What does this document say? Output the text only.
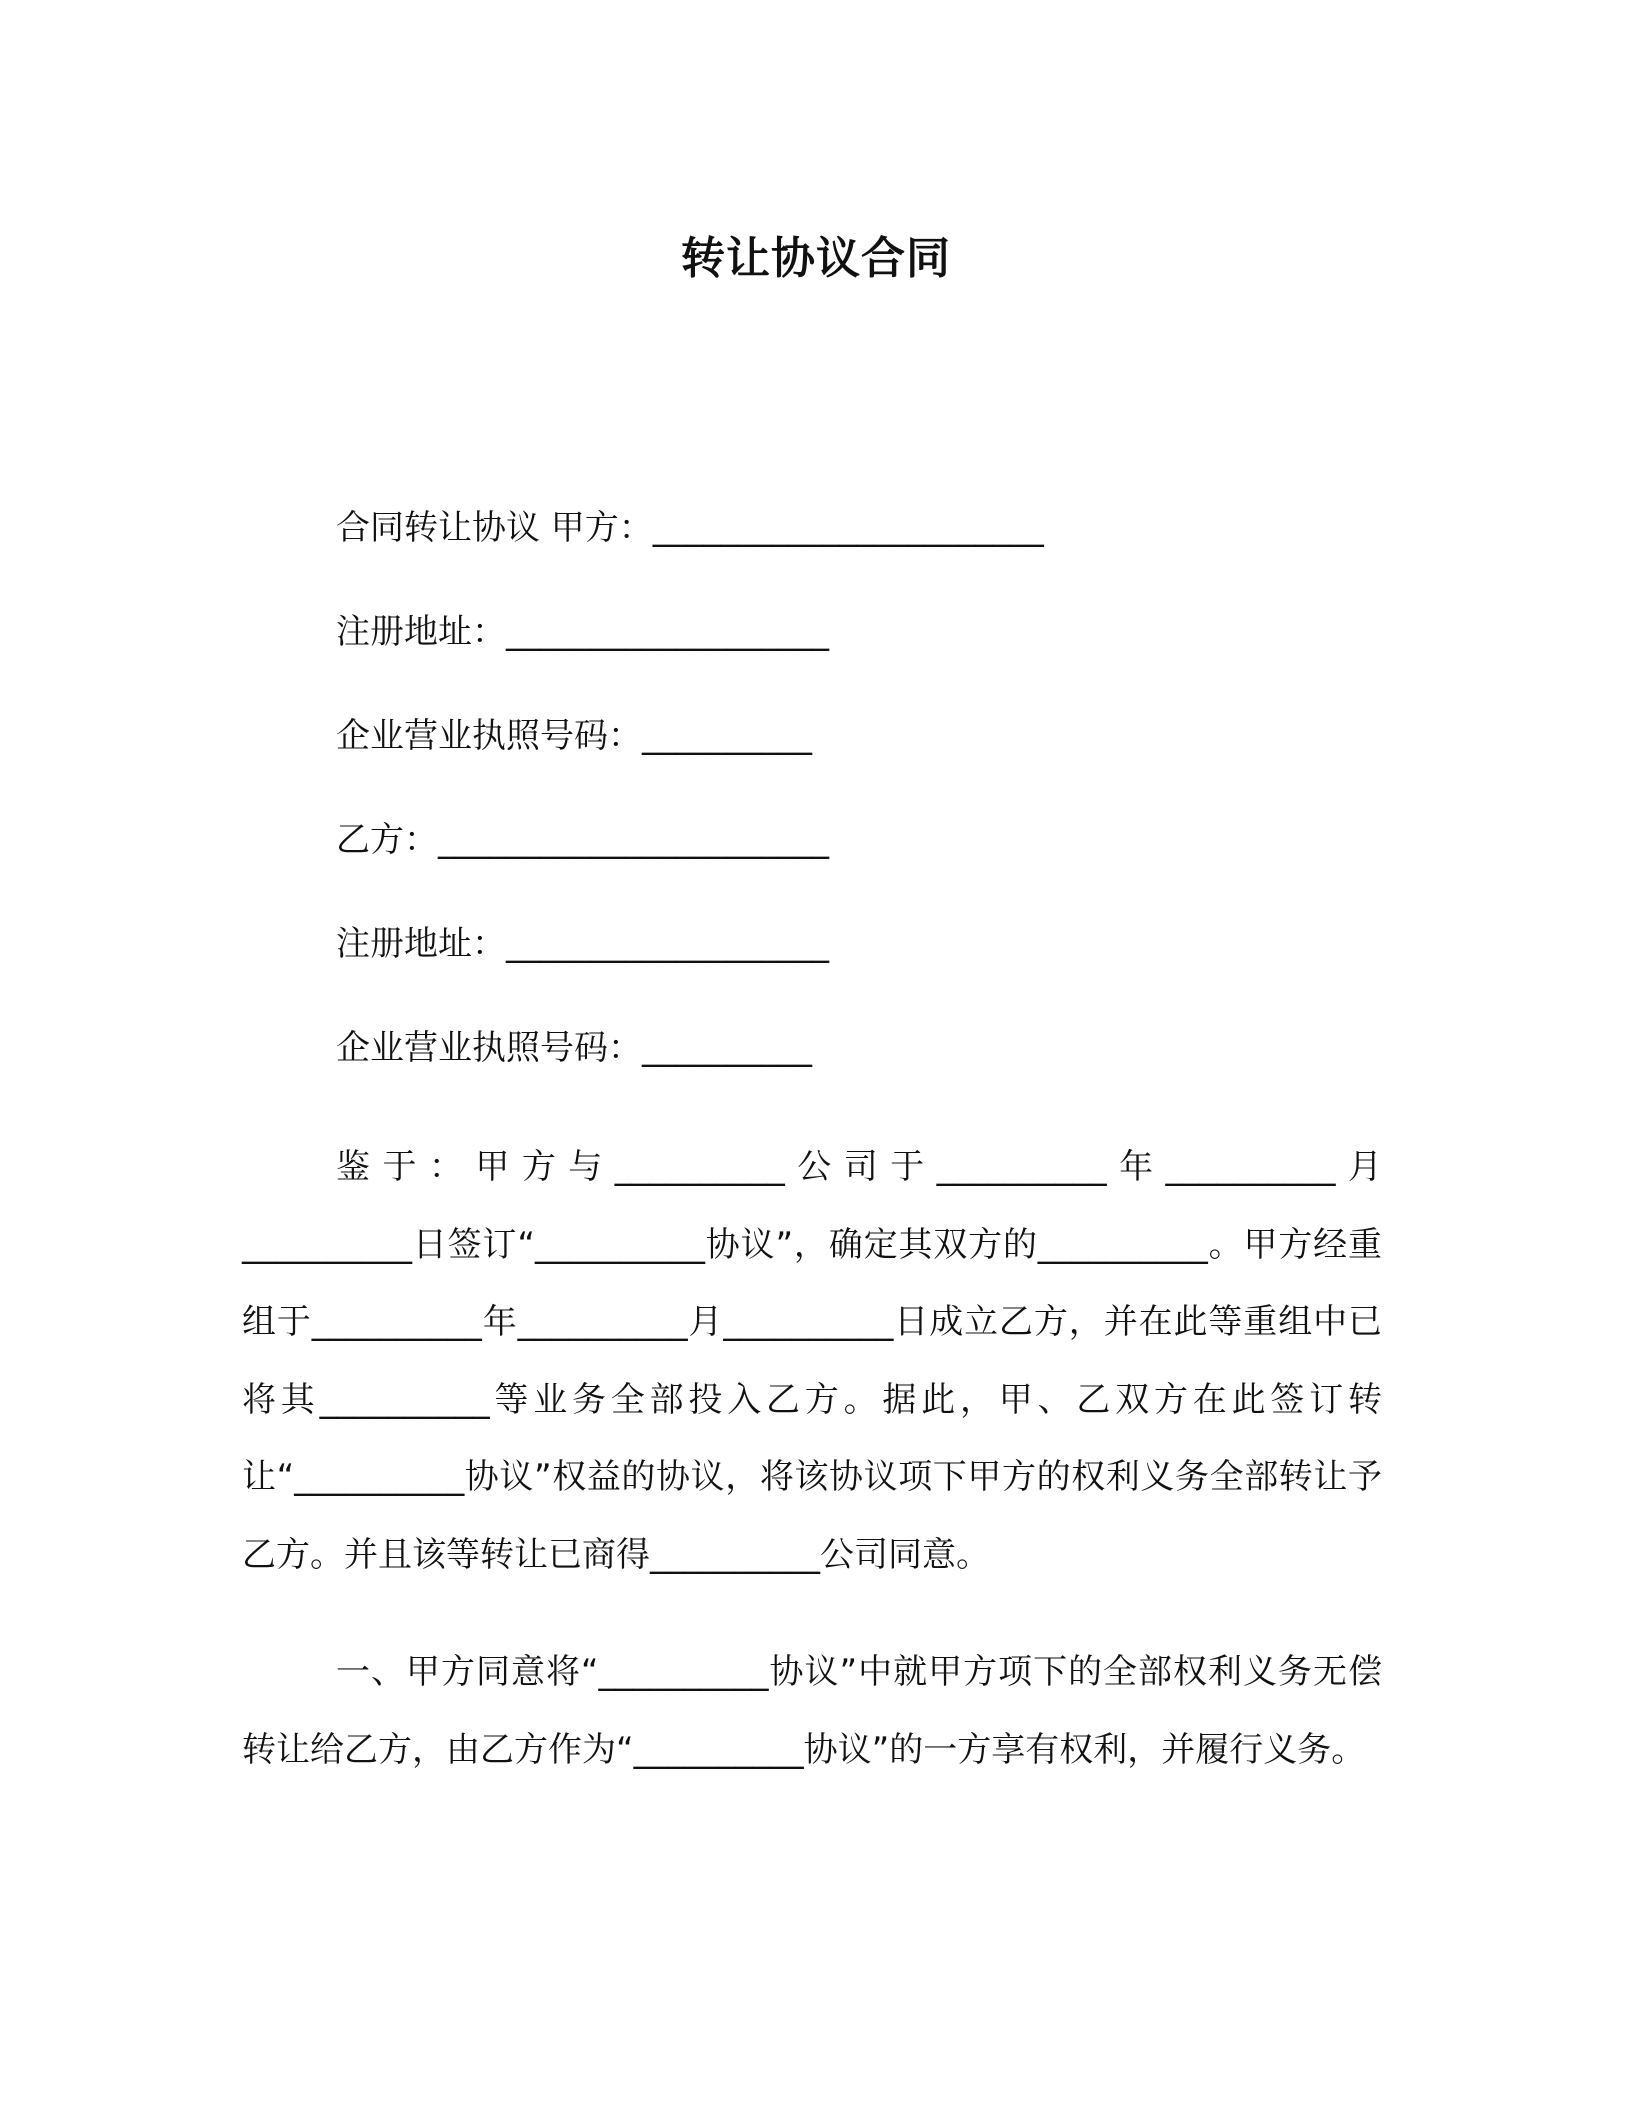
转让协议合同

合同转让协议 甲方：_______________________

注册地址：___________________

企业营业执照号码：__________

乙方：_______________________

注册地址：___________________

企业营业执照号码：__________

鉴于：甲方与__________公司于__________年__________月__________日签订“__________协议”，确定其双方的__________。甲方经重组于__________年__________月__________日成立乙方，并在此等重组中已将其__________等业务全部投入乙方。据此，甲、乙双方在此签订转让“__________协议”权益的协议，将该协议项下甲方的权利义务全部转让予乙方。并且该等转让已商得__________公司同意。

一、甲方同意将“__________协议”中就甲方项下的全部权利义务无偿转让给乙方，由乙方作为“__________协议”的一方享有权利，并履行义务。
